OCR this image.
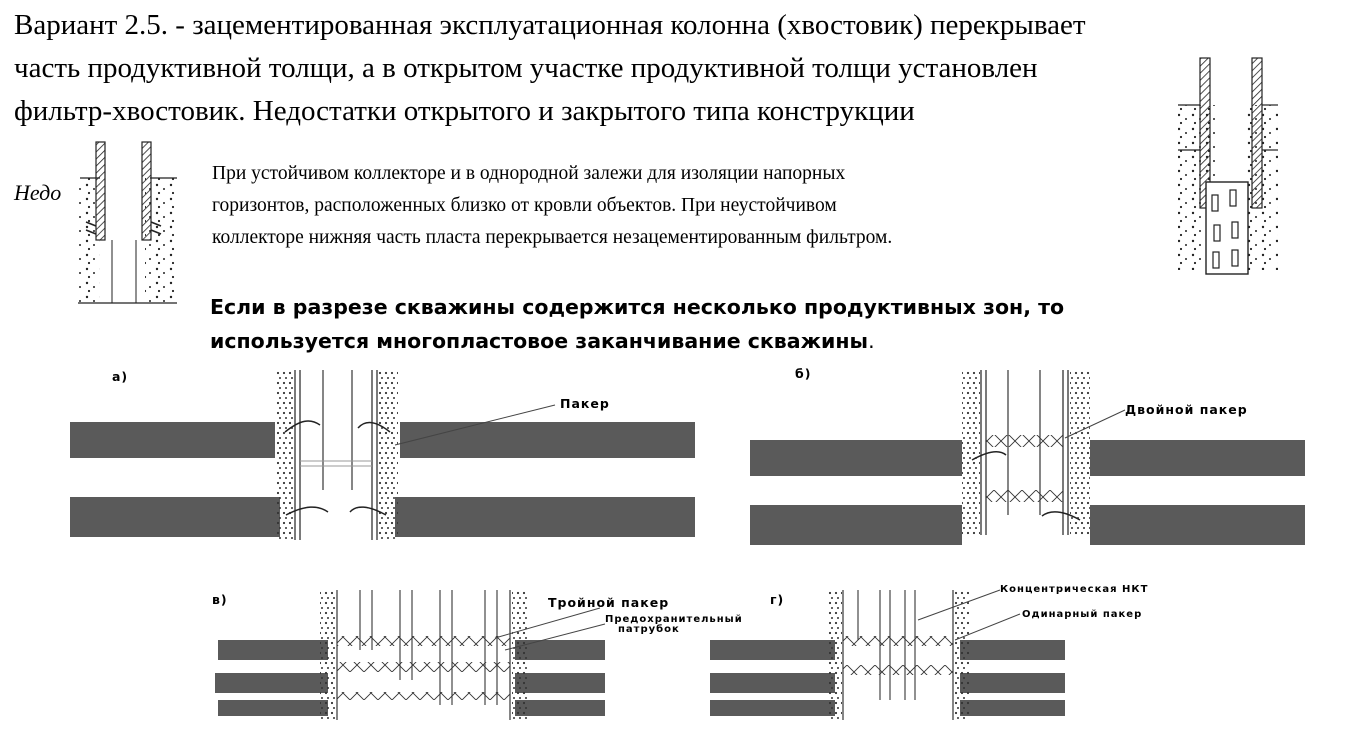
Вариант 2.5. - зацементированная эксплуатационная колонна (хвостовик) перекрывает
часть продуктивной толщи, а в открытом участке продуктивной толщи установлен
фильтр-хвостовик. Недостатки открытого и закрытого типа конструкции
Недо
При устойчивом коллекторе и в однородной залежи для изоляции напорных
горизонтов, расположенных близко от кровли объектов. При неустойчивом
коллекторе нижняя часть пласта перекрывается незацементированным фильтром.
Если в разрезе скважины содержится несколько продуктивных зон, то
используется многопластовое заканчивание скважины.
а)
Пакер
б)
Двойной пакер
в)	Тройной пакер
Предохранительный
патрубок
г)
Концентрическая НКТ
Одинарный пакер
